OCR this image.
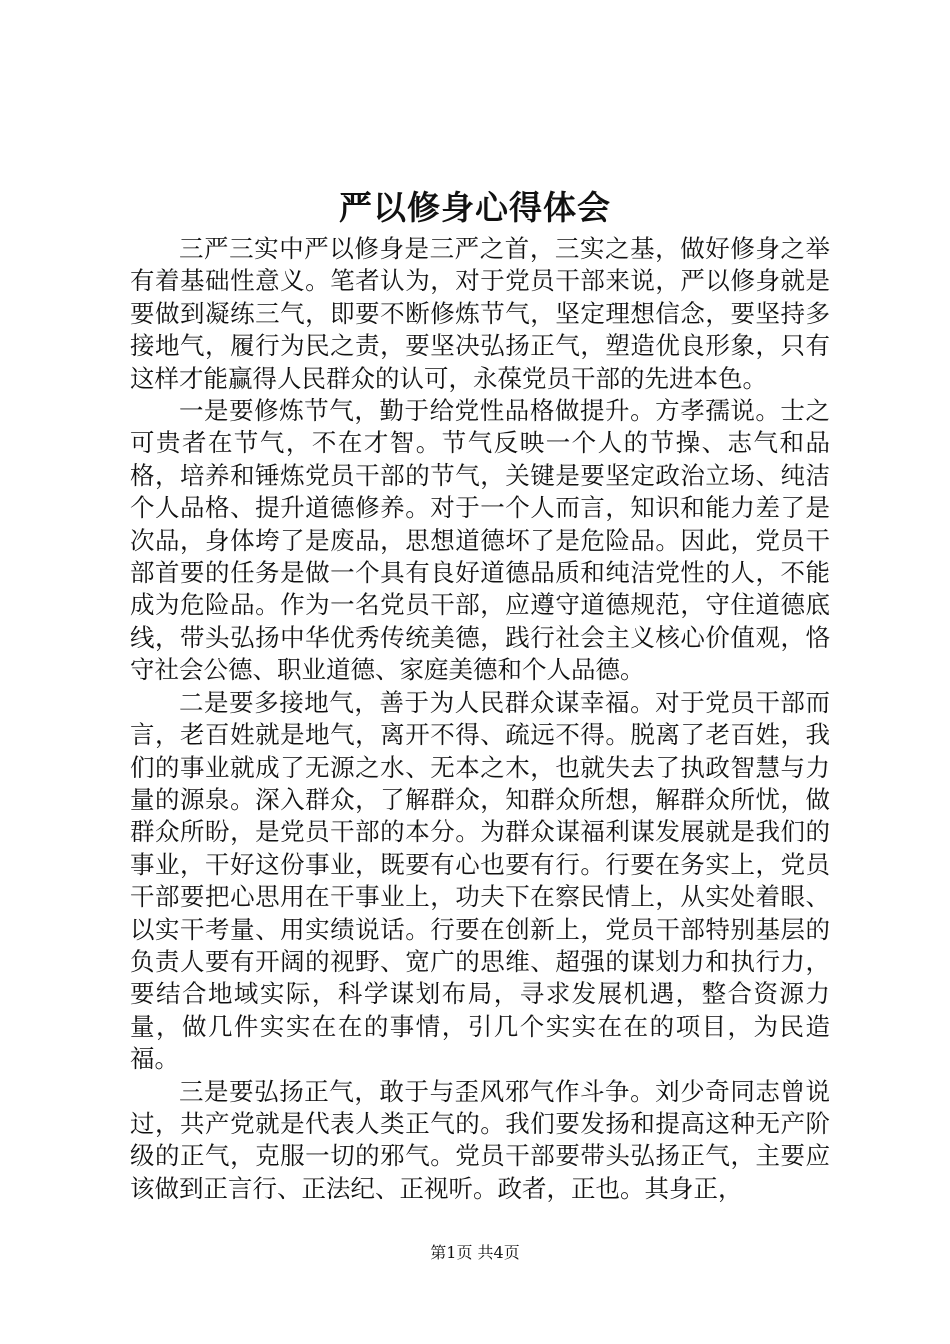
严以修身心得体会

三严三实中严以修身是三严之首，三实之基，做好修身之举有着基础性意义。笔者认为，对于党员干部来说，严以修身就是要做到凝练三气，即要不断修炼节气，坚定理想信念，要坚持多接地气，履行为民之责，要坚决弘扬正气，塑造优良形象，只有这样才能赢得人民群众的认可，永葆党员干部的先进本色。

一是要修炼节气，勤于给党性品格做提升。方孝孺说。士之可贵者在节气，不在才智。节气反映一个人的节操、志气和品格，培养和锤炼党员干部的节气，关键是要坚定政治立场、纯洁个人品格、提升道德修养。对于一个人而言，知识和能力差了是次品，身体垮了是废品，思想道德坏了是危险品。因此，党员干部首要的任务是做一个具有良好道德品质和纯洁党性的人，不能成为危险品。作为一名党员干部，应遵守道德规范，守住道德底线，带头弘扬中华优秀传统美德，践行社会主义核心价值观，恪守社会公德、职业道德、家庭美德和个人品德。

二是要多接地气，善于为人民群众谋幸福。对于党员干部而言，老百姓就是地气，离开不得、疏远不得。脱离了老百姓，我们的事业就成了无源之水、无本之木，也就失去了执政智慧与力量的源泉。深入群众，了解群众，知群众所想，解群众所忧，做群众所盼，是党员干部的本分。为群众谋福利谋发展就是我们的事业，干好这份事业，既要有心也要有行。行要在务实上，党员干部要把心思用在干事业上，功夫下在察民情上，从实处着眼、以实干考量、用实绩说话。行要在创新上，党员干部特别基层的负责人要有开阔的视野、宽广的思维、超强的谋划力和执行力，要结合地域实际，科学谋划布局，寻求发展机遇，整合资源力量，做几件实实在在的事情，引几个实实在在的项目，为民造福。

三是要弘扬正气，敢于与歪风邪气作斗争。刘少奇同志曾说过，共产党就是代表人类正气的。我们要发扬和提高这种无产阶级的正气，克服一切的邪气。党员干部要带头弘扬正气，主要应该做到正言行、正法纪、正视听。政者，正也。其身正，

第1页 共4页
